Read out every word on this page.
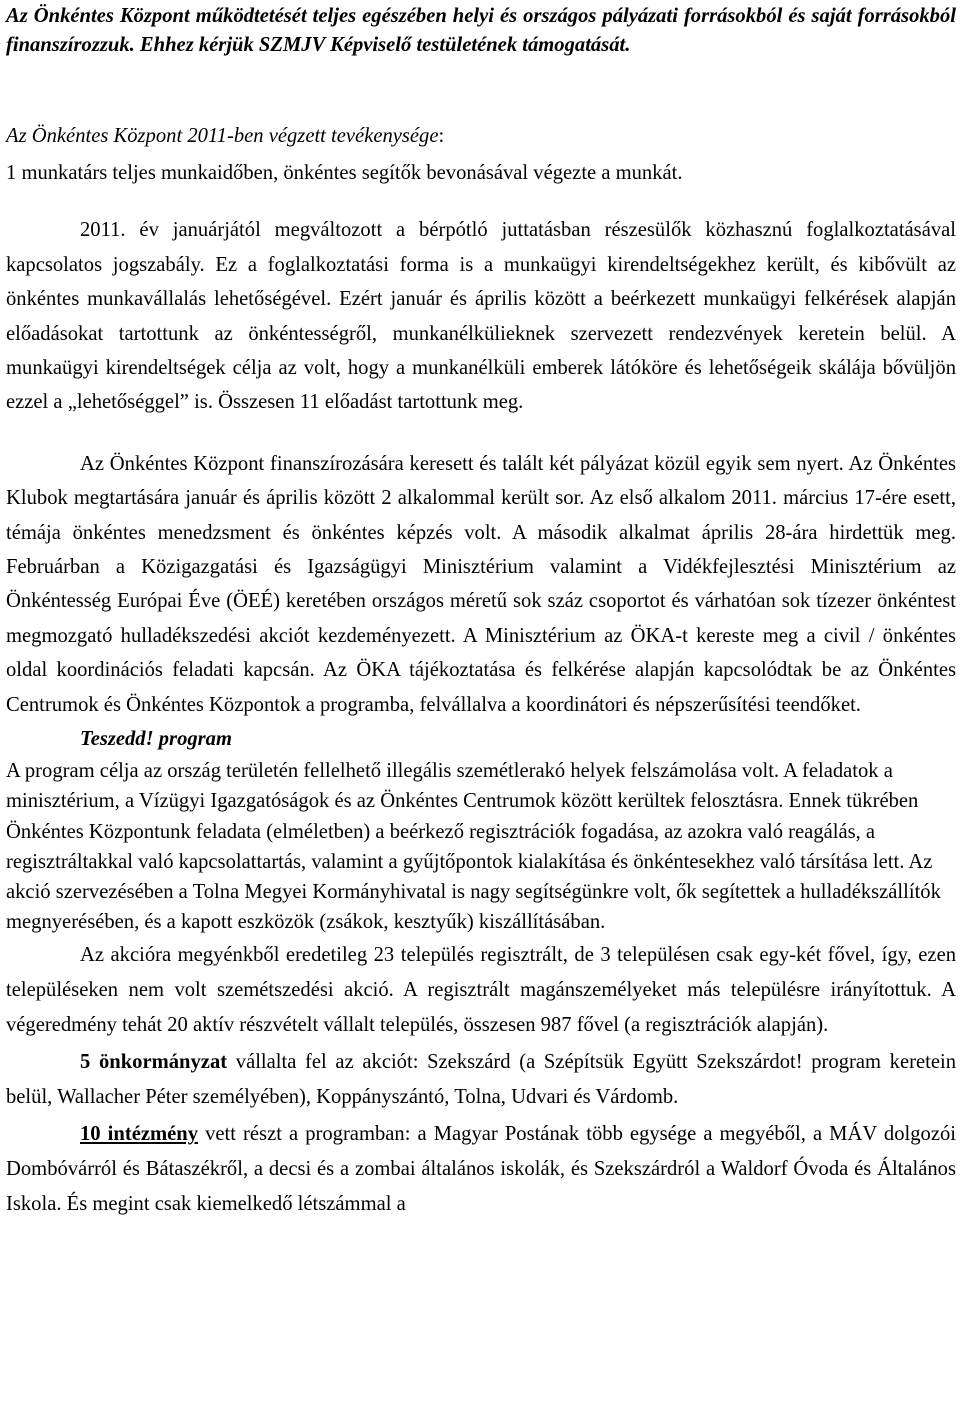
Az Önkéntes Központ működtetését teljes egészében helyi és országos pályázati forrásokból és saját forrásokból finanszírozzuk. Ehhez kérjük SZMJV Képviselő testületének támogatását.

Az Önkéntes Központ 2011-ben végzett tevékenysége:

1 munkatárs teljes munkaidőben, önkéntes segítők bevonásával végezte a munkát.

2011. év januárjától megváltozott a bérpótló juttatásban részesülők közhasznú foglalkoztatásával kapcsolatos jogszabály. Ez a foglalkoztatási forma is a munkaügyi kirendeltségekhez került, és kibővült az önkéntes munkavállalás lehetőségével. Ezért január és április között a beérkezett munkaügyi felkérések alapján előadásokat tartottunk az önkéntességről, munkanélkülieknek szervezett rendezvények keretein belül. A munkaügyi kirendeltségek célja az volt, hogy a munkanélküli emberek látóköre és lehetőségeik skálája bővüljön ezzel a „lehetőséggel” is. Összesen 11 előadást tartottunk meg.

Az Önkéntes Központ finanszírozására keresett és talált két pályázat közül egyik sem nyert. Az Önkéntes Klubok megtartására január és április között 2 alkalommal került sor. Az első alkalom 2011. március 17-ére esett, témája önkéntes menedzsment és önkéntes képzés volt. A második alkalmat április 28-ára hirdettük meg. Februárban a Közigazgatási és Igazságügyi Minisztérium valamint a Vidékfejlesztési Minisztérium az Önkéntesség Európai Éve (ÖEÉ) keretében országos méretű sok száz csoportot és várhatóan sok tízezer önkéntest megmozgató hulladékszedési akciót kezdeményezett. A Minisztérium az ÖKA-t kereste meg a civil / önkéntes oldal koordinációs feladati kapcsán. Az ÖKA tájékoztatása és felkérése alapján kapcsolódtak be az Önkéntes Centrumok és Önkéntes Központok a programba, felvállalva a koordinátori és népszerűsítési teendőket.

Teszedd! program

A program célja az ország területén fellelhető illegális szemétlerakó helyek felszámolása volt. A feladatok a minisztérium, a Vízügyi Igazgatóságok és az Önkéntes Centrumok között kerültek felosztásra. Ennek tükrében Önkéntes Központunk feladata (elméletben) a beérkező regisztrációk fogadása, az azokra való reagálás, a regisztráltakkal való kapcsolattartás, valamint a gyűjtőpontok kialakítása és önkéntesekhez való társítása lett. Az akció szervezésében a Tolna Megyei Kormányhivatal is nagy segítségünkre volt, ők segítettek a hulladékszállítók megnyerésében, és a kapott eszközök (zsákok, kesztyűk) kiszállításában.

Az akcióra megyénkből eredetileg 23 település regisztrált, de 3 településen csak egy-két fővel, így, ezen településeken nem volt szemétszedési akció. A regisztrált magánszemélyeket más településre irányítottuk. A végeredmény tehát 20 aktív részvételt vállalt település, összesen 987 fővel (a regisztrációk alapján).

5 önkormányzat vállalta fel az akciót: Szekszárd (a Szépítsük Együtt Szekszárdot! program keretein belül, Wallacher Péter személyében), Koppányszántó, Tolna, Udvari és Várdomb.

10 intézmény vett részt a programban: a Magyar Postának több egysége a megyéből, a MÁV dolgozói Dombóvárról és Bátaszékről, a decsi és a zombai általános iskolák, és Szekszárdról a Waldorf Óvoda és Általános Iskola. És megint csak kiemelkedő létszámmal a
